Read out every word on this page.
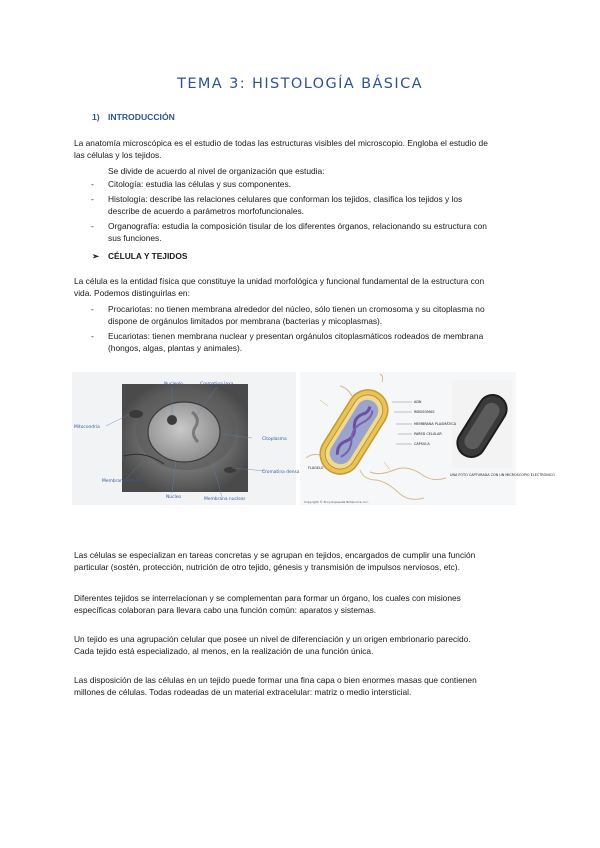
TEMA 3: HISTOLOGÍA BÁSICA
1) INTRODUCCIÓN
La anatomía microscópica es el estudio de todas las estructuras visibles del microscopio. Engloba el estudio de
las células y los tejidos.
Se divide de acuerdo al nivel de organización que estudia:
- Citología: estudia las células y sus componentes.
- Histología: describe las relaciones celulares que conforman los tejidos, clasifica los tejidos y los
describe de acuerdo a parámetros morfofuncionales.
- Organografía: estudia la composición tisular de los diferentes órganos, relacionando su estructura con
sus funciones.
➢ CÉLULA Y TEJIDOS
La célula es la entidad física que constituye la unidad morfológica y funcional fundamental de la estructura con
vida. Podemos distinguirlas en:
- Procariotas: no tienen membrana alrededor del núcleo, sólo tienen un cromosoma y su citoplasma no
dispone de orgánulos limitados por membrana (bacterias y micoplasmas).
- Eucariotas: tienen membrana nuclear y presentan orgánulos citoplasmáticos rodeados de membrana
(hongos, algas, plantas y animales).
Nucleolo	Cromatina laxa
Mitocondria
Citoplasma
Cromatina densa
Membrana celular
Núcleo	Membrana nuclear
ADN
RIBOSOMAS
MEMBRANA PLASMÁTICA
PARED CELULAR
CÁPSULA
FLAGELO
UNA FOTO CAPTURADA CON UN MICROSCOPIO ELECTRÓNICO
Copyright © Encyclopaedia Britannica, Inc.
Las células se especializan en tareas concretas y se agrupan en tejidos, encargados de cumplir una función
particular (sostén, protección, nutrición de otro tejido, génesis y transmisión de impulsos nerviosos, etc).
Diferentes tejidos se interrelacionan y se complementan para formar un órgano, los cuales con misiones
específicas colaboran para llevara cabo una función común: aparatos y sistemas.
Un tejido es una agrupación celular que posee un nivel de diferenciación y un origen embrionario parecido.
Cada tejido está especializado, al menos, en la realización de una función única.
Las disposición de las células en un tejido puede formar una fina capa o bien enormes masas que contienen
millones de células. Todas rodeadas de un material extracelular: matriz o medio intersticial.
